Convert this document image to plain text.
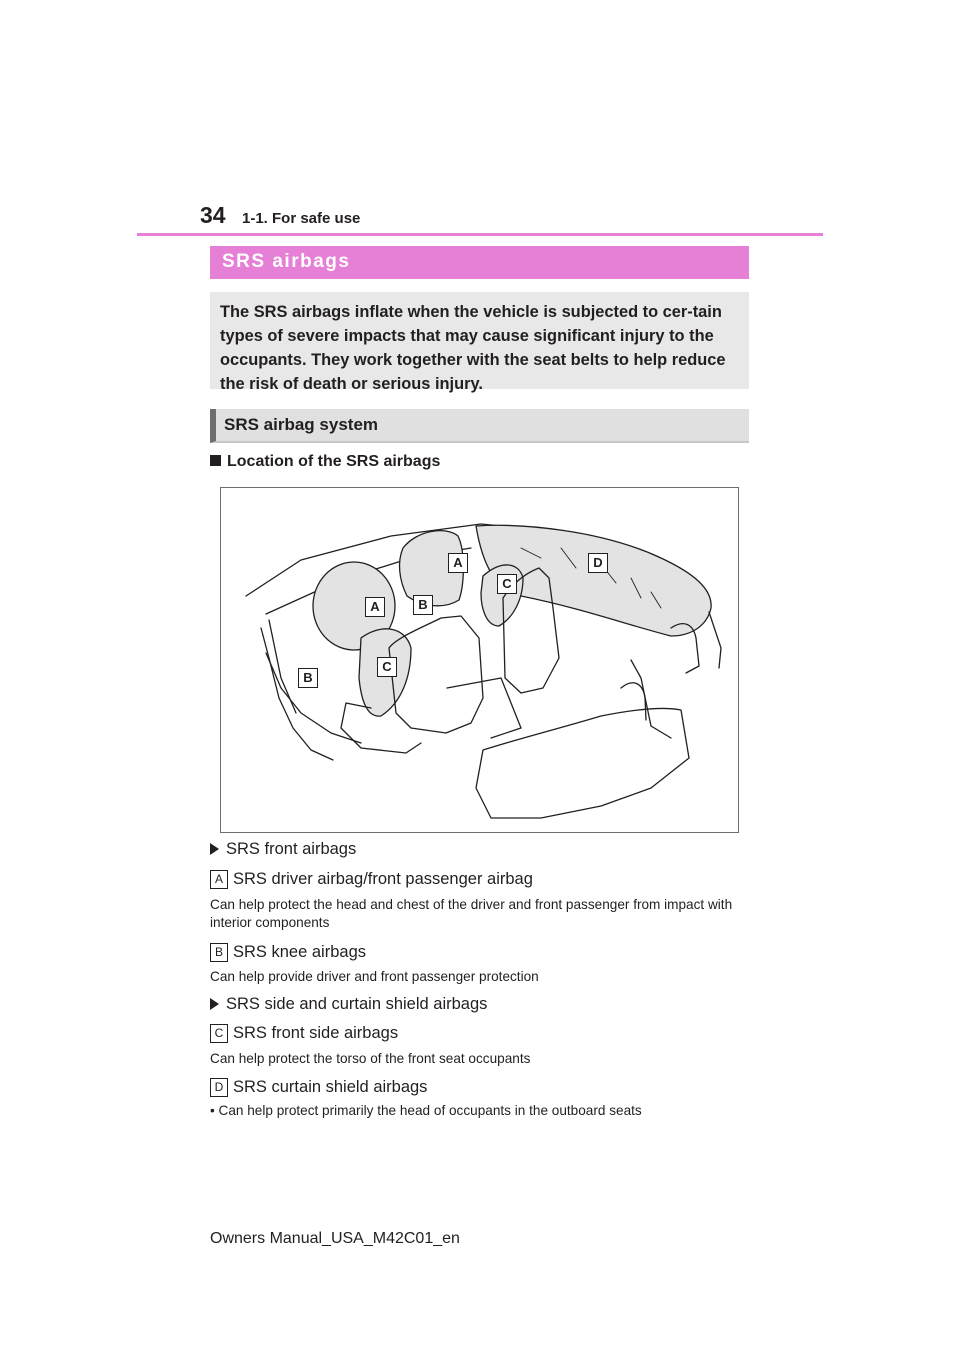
34 1-1. For safe use
SRS airbags

The SRS airbags inflate when the vehicle is subjected to cer-tain types of severe impacts that may cause significant injury to the occupants. They work together with the seat belts to help reduce the risk of death or serious injury.

SRS airbag system
Location of the SRS airbags
A
B
C
D
A
B
C
SRS front airbags
A SRS driver airbag/front passenger airbag
Can help protect the head and chest of the driver and front passenger from impact with interior components
B SRS knee airbags
Can help provide driver and front passenger protection
SRS side and curtain shield airbags
C SRS front side airbags
Can help protect the torso of the front seat occupants
D SRS curtain shield airbags
• Can help protect primarily the head of occupants in the outboard seats
Owners Manual_USA_M42C01_en
